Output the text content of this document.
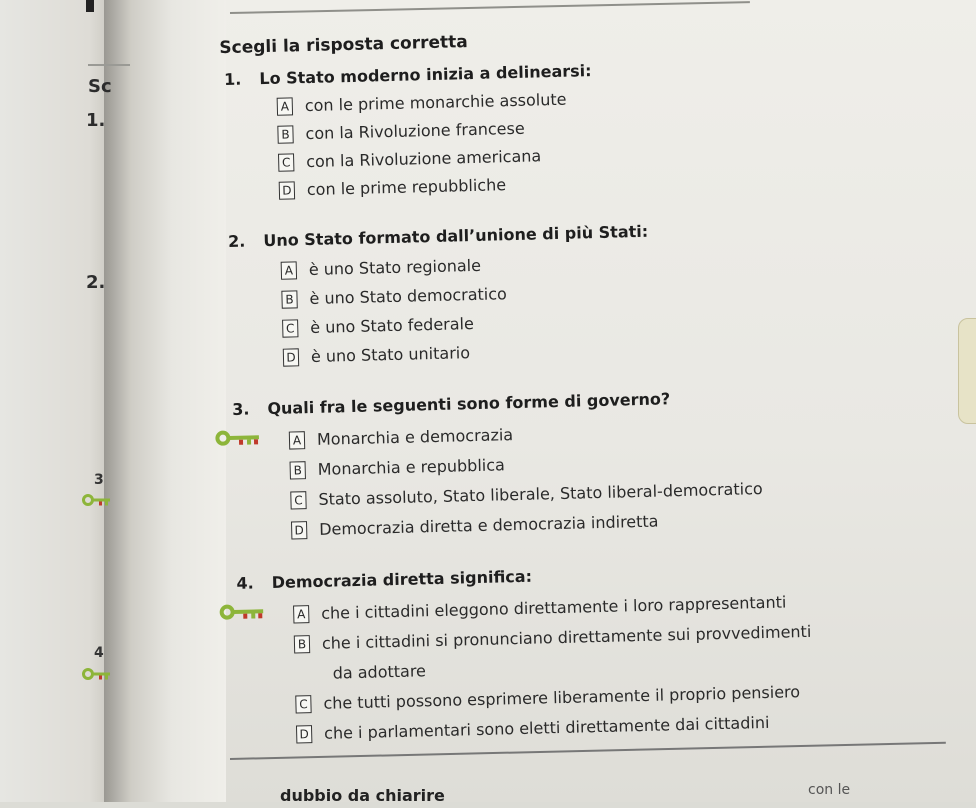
Sc
1.
2.
3
4
Scegli la risposta corretta
1. Lo Stato moderno inizia a delinearsi:
A con le prime monarchie assolute
B con la Rivoluzione francese
C con la Rivoluzione americana
D con le prime repubbliche
2. Uno Stato formato dall’unione di più Stati:
A è uno Stato regionale
B è uno Stato democratico
C è uno Stato federale
D è uno Stato unitario
3. Quali fra le seguenti sono forme di governo?
A Monarchia e democrazia
B Monarchia e repubblica
C Stato assoluto, Stato liberale, Stato liberal-democratico
D Democrazia diretta e democrazia indiretta
4. Democrazia diretta significa:
A che i cittadini eleggono direttamente i loro rappresentanti
B che i cittadini si pronunciano direttamente sui provvedimenti
da adottare
C che tutti possono esprimere liberamente il proprio pensiero
D che i parlamentari sono eletti direttamente dai cittadini
dubbio da chiarire	con le
